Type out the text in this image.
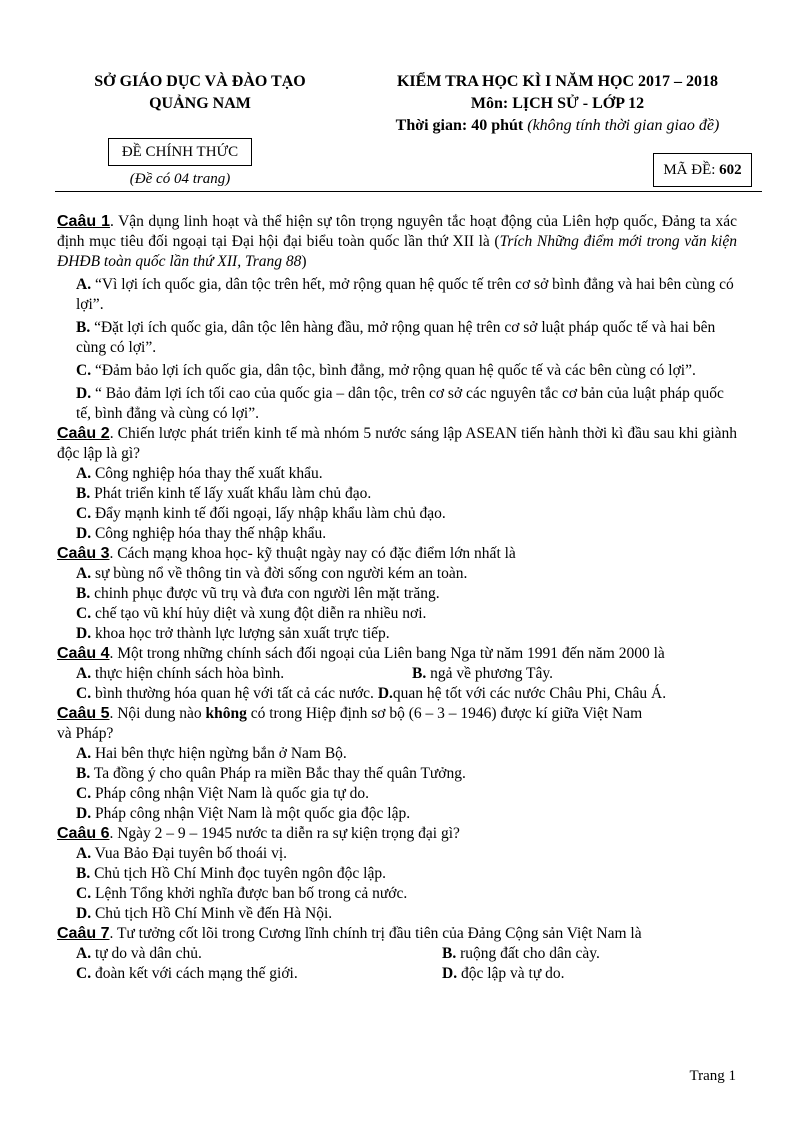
SỞ GIÁO DỤC VÀ ĐÀO TẠO
QUẢNG NAM
KIỂM TRA HỌC KÌ I NĂM HỌC 2017 – 2018
Môn: LỊCH SỬ - LỚP 12
Thời gian: 40 phút (không tính thời gian giao đề)
ĐỀ CHÍNH THỨC
(Đề có 04 trang)
MÃ ĐỀ: 602

Caâu 1. Vận dụng linh hoạt và thể hiện sự tôn trọng nguyên tắc hoạt động của Liên hợp quốc, Đảng ta xác định mục tiêu đối ngoại tại Đại hội đại biểu toàn quốc lần thứ XII là (Trích Những điểm mới trong văn kiện ĐHĐB toàn quốc lần thứ XII, Trang 88)

A. “Vì lợi ích quốc gia, dân tộc trên hết, mở rộng quan hệ quốc tế trên cơ sở bình đẳng và hai bên cùng có lợi”.

B. “Đặt lợi ích quốc gia, dân tộc lên hàng đầu, mở rộng quan hệ trên cơ sở luật pháp quốc tế và hai bên cùng có lợi”.

C. “Đảm bảo lợi ích quốc gia, dân tộc, bình đẳng, mở rộng quan hệ quốc tế và các bên cùng có lợi”.

D. “ Bảo đảm lợi ích tối cao của quốc gia – dân tộc, trên cơ sở các nguyên tắc cơ bản của luật pháp quốc tế, bình đẳng và cùng có lợi”.

Caâu 2. Chiến lược phát triển kinh tế mà nhóm 5 nước sáng lập ASEAN tiến hành thời kì đầu sau khi giành độc lập là gì?

A. Công nghiệp hóa thay thế xuất khẩu.

B. Phát triển kinh tế lấy xuất khẩu làm chủ đạo.

C. Đẩy mạnh kinh tế đối ngoại, lấy nhập khẩu làm chủ đạo.

D. Công nghiệp hóa thay thế nhập khẩu.

Caâu 3. Cách mạng khoa học- kỹ thuật ngày nay có đặc điểm lớn nhất là

A. sự bùng nổ về thông tin và đời sống con người kém an toàn.

B. chinh phục được vũ trụ và đưa con người lên mặt trăng.

C. chế tạo vũ khí hủy diệt và xung đột diễn ra nhiều nơi.

D. khoa học trở thành lực lượng sản xuất trực tiếp.

Caâu 4. Một trong những chính sách đối ngoại của Liên bang Nga từ năm 1991 đến năm 2000 là

A. thực hiện chính sách hòa bình.	B. ngả về phương Tây.

C. bình thường hóa quan hệ với tất cả các nước. D.quan hệ tốt với các nước Châu Phi, Châu Á.

Caâu 5. Nội dung nào không có trong Hiệp định sơ bộ (6 – 3 – 1946) được kí giữa Việt Nam
và Pháp?

A. Hai bên thực hiện ngừng bắn ở Nam Bộ.

B. Ta đồng ý cho quân Pháp ra miền Bắc thay thế quân Tưởng.

C. Pháp công nhận Việt Nam là quốc gia tự do.

D. Pháp công nhận Việt Nam là một quốc gia độc lập.

Caâu 6. Ngày 2 – 9 – 1945 nước ta diễn ra sự kiện trọng đại gì?

A. Vua Bảo Đại tuyên bố thoái vị.

B. Chủ tịch Hồ Chí Minh đọc tuyên ngôn độc lập.

C. Lệnh Tổng khởi nghĩa được ban bố trong cả nước.

D. Chủ tịch Hồ Chí Minh về đến Hà Nội.

Caâu 7. Tư tưởng cốt lõi trong Cương lĩnh chính trị đầu tiên của Đảng Cộng sản Việt Nam là

A. tự do và dân chủ.	B. ruộng đất cho dân cày.
C. đoàn kết với cách mạng thế giới.	D. độc lập và tự do.
Trang 1
